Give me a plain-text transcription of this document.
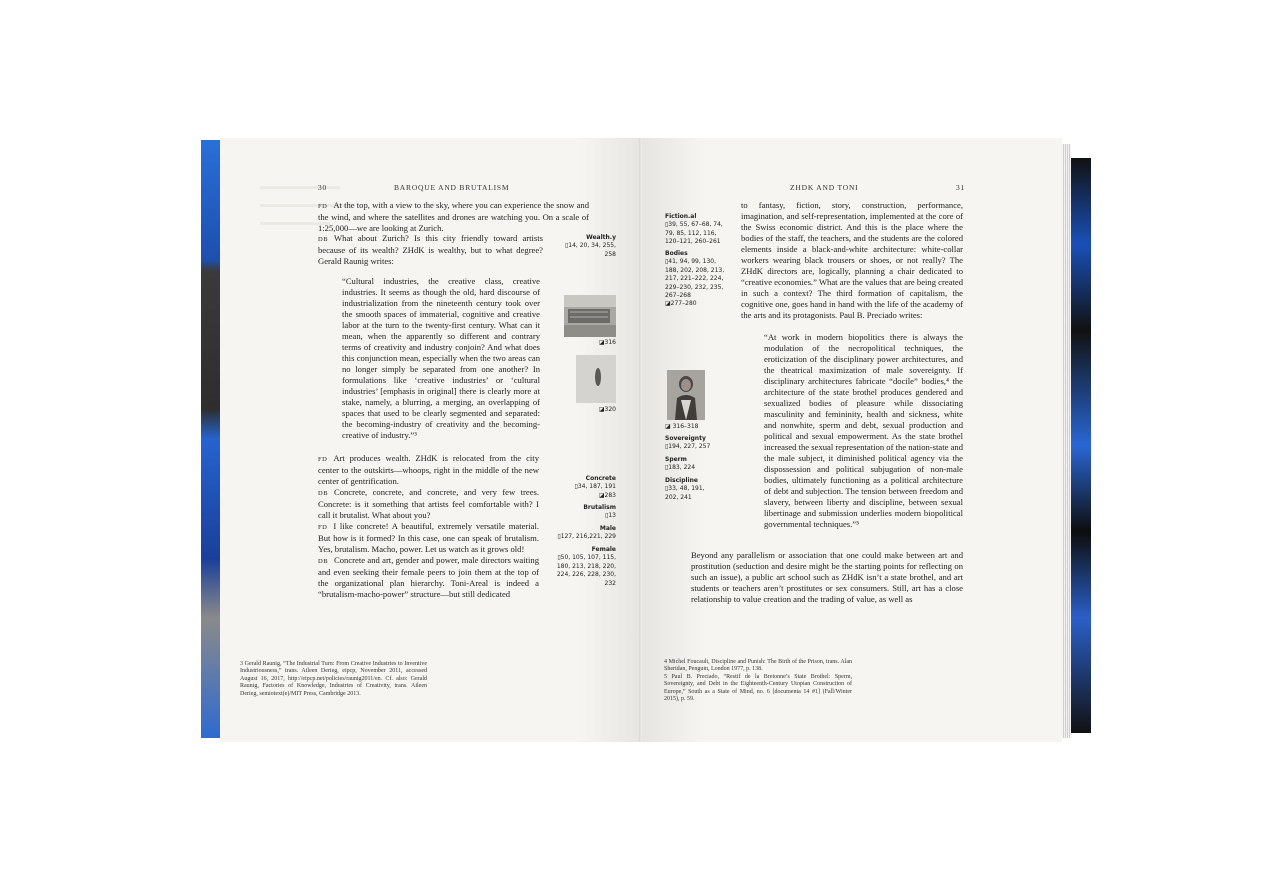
30	BAROQUE AND BRUTALISM
FD At the top, with a view to the sky, where you can experience the snow and the wind, and where the satellites and drones are watching you. On a scale of 1:25,000—we are looking at Zurich.
DB What about Zurich? Is this city friendly toward artists because of its wealth? ZHdK is wealthy, but to what degree? Gerald Raunig writes:
“Cultural industries, the creative class, creative industries. It seems as though the old, hard discourse of industrialization from the nineteenth century took over the smooth spaces of immaterial, cognitive and creative labor at the turn to the twenty-first century. What can it mean, when the apparently so different and contrary terms of creativity and industry conjoin? And what does this conjunction mean, especially when the two areas can no longer simply be separated from one another? In formulations like ‘creative industries’ or ‘cultural industries’ [emphasis in original] there is clearly more at stake, namely, a blurring, a merging, an overlapping of spaces that used to be clearly segmented and separated: the becoming-industry of creativity and the becoming-creative of industry.”³
FD Art produces wealth. ZHdK is relocated from the city center to the outskirts—whoops, right in the middle of the new center of gentrification.
DB Concrete, concrete, and concrete, and very few trees. Concrete: is it something that artists feel comfortable with? I call it brutalist. What about you?
FD I like concrete! A beautiful, extremely versatile material. But how is it formed? In this case, one can speak of brutalism. Yes, brutalism. Macho, power. Let us watch as it grows old!
DB Concrete and art, gender and power, male directors waiting and even seeking their female peers to join them at the top of the organizational plan hierarchy. Toni-Areal is indeed a “brutalism-macho-power” structure—but still dedicated
Wealth.y
▯14, 20, 34, 255, 258
◪316
◪320
Concrete
▯34, 187, 191
◪283
Brutalism
▯13
Male
▯127, 216,221, 229
Female
▯50, 105, 107, 115, 180, 213, 218, 220, 224, 226, 228, 230, 232
3 Gerald Raunig, “The Industrial Turn: From Creative Industries to Inventive Industriousness,” trans. Aileen Derieg, eipcp, November 2011, accessed August 16, 2017, http://eipcp.net/policies/raunig2011/en. Cf. also: Gerald Raunig, Factories of Knowledge, Industries of Creativity, trans. Aileen Derieg, semiotext(e)/MIT Press, Cambridge 2013.
ZHDK AND TONI	31
Fiction.al
▯39, 55, 67–68, 74, 79, 85, 112, 116, 120–121, 260–261
Bodies
▯41, 94, 99, 130, 188, 202, 208, 213, 217, 221–222, 224, 229–230, 232, 235, 267–268
◪277–280
◪ 316–318
Sovereignty
▯194, 227, 257
Sperm
▯183, 224
Discipline
▯33, 48, 191, 202, 241
to fantasy, fiction, story, construction, performance, imagination, and self-representation, implemented at the core of the Swiss economic district. And this is the place where the bodies of the staff, the teachers, and the students are the colored elements inside a black-and-white architecture: white-collar workers wearing black trousers or shoes, or not really? The ZHdK directors are, logically, planning a chair dedicated to “creative economies.” What are the values that are being created in such a context? The third formation of capitalism, the cognitive one, goes hand in hand with the life of the academy of the arts and its protagonists. Paul B. Preciado writes:
“At work in modern biopolitics there is always the modulation of the necropolitical techniques, the eroticization of the disciplinary power architectures, and the theatrical maximization of male sovereignty. If disciplinary architectures fabricate “docile” bodies,⁴ the architecture of the state brothel produces gendered and sexualized bodies of pleasure while dissociating masculinity and femininity, health and sickness, white and nonwhite, sperm and debt, sexual production and political and sexual empowerment. As the state brothel increased the sexual representation of the nation-state and the male subject, it diminished political agency via the dispossession and political subjugation of non-male bodies, ultimately functioning as a political architecture of debt and subjection. The tension between freedom and slavery, between liberty and discipline, between sexual libertinage and submission underlies modern biopolitical governmental techniques.”⁵
Beyond any parallelism or association that one could make between art and prostitution (seduction and desire might be the starting points for reflecting on such an issue), a public art school such as ZHdK isn’t a state brothel, and art students or teachers aren’t prostitutes or sex consumers. Still, art has a close relationship to value creation and the trading of value, as well as
4 Michel Foucault, Discipline and Punish: The Birth of the Prison, trans. Alan Sheridan, Penguin, London 1977, p. 138.
5 Paul B. Preciado, “Restif de la Bretonne’s State Brothel: Sperm, Sovereignty, and Debt in the Eighteenth-Century Utopian Construction of Europe,” South as a State of Mind, no. 6 [documenta 14 #1] (Fall/Winter 2015), p. 59.
